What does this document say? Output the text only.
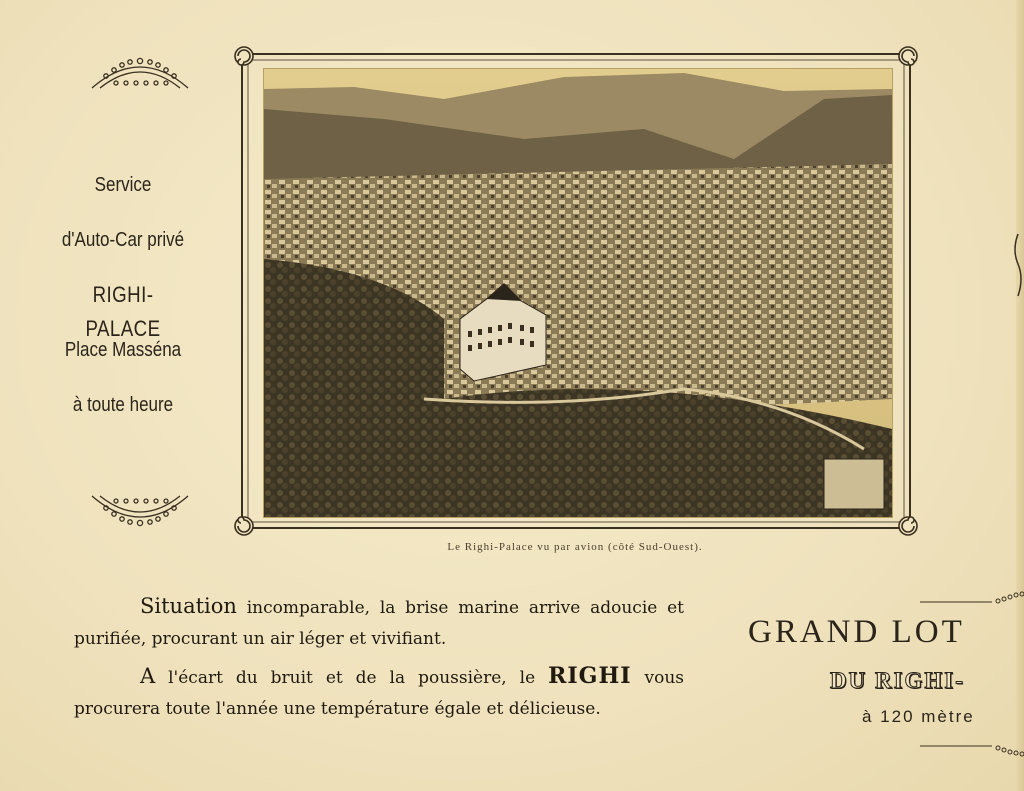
Service
d'Auto-Car privé
RIGHI-PALACE
Place Masséna
à toute heure
Le Righi-Palace vu par avion (côté Sud-Ouest).

Situation incomparable, la brise marine arrive adoucie et purifiée, procurant un air léger et vivifiant.

A l'écart du bruit et de la poussière, le RIGHI vous procurera toute l'année une température égale et délicieuse.

GRAND LOT
DU RIGHI-
à 120 mètre
